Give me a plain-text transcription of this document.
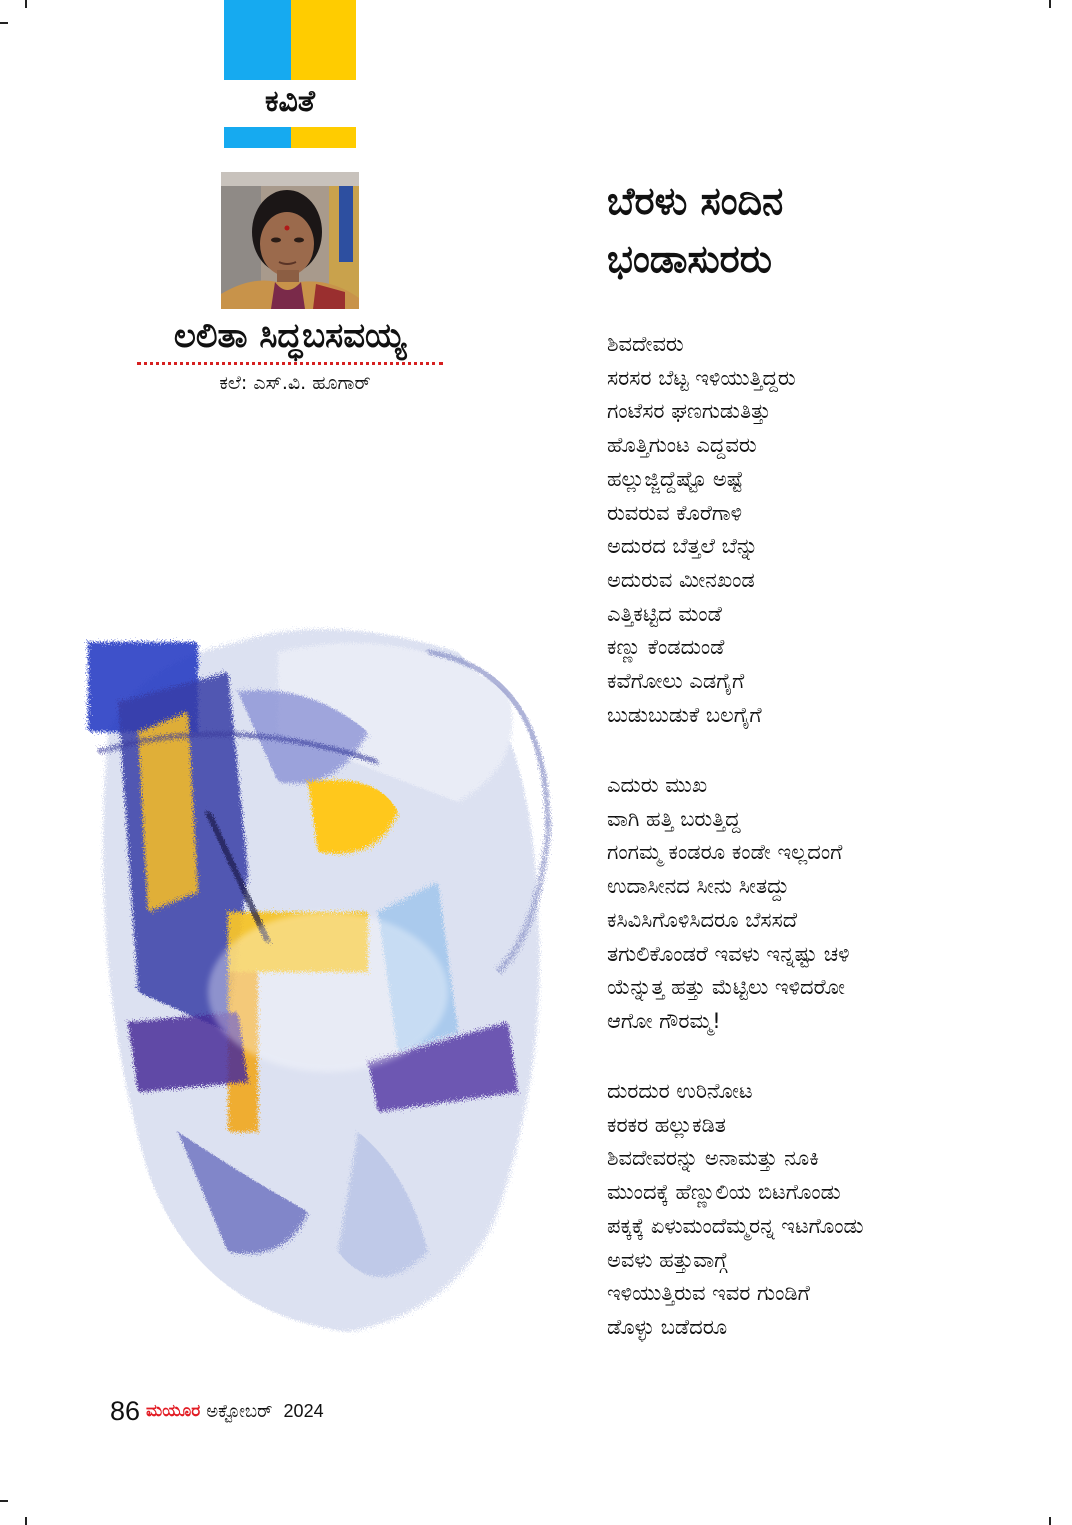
ಕವಿತೆ
ಲಲಿತಾ ಸಿದ್ಧಬಸವಯ್ಯ
ಕಲೆ: ಎಸ್‌.ವಿ. ಹೂಗಾರ್
ಬೆರಳು ಸಂದಿನ
ಭಂಡಾಸುರರು
ಶಿವದೇವರು
ಸರಸರ ಬೆಟ್ಟ ಇಳಿಯುತ್ತಿದ್ದರು
ಗಂಟೆಸರ ಘಣಗುಡುತಿತ್ತು
ಹೊತ್ತಿಗುಂಟ ಎದ್ದವರು
ಹಲ್ಲುಜ್ಜಿದ್ದೆಷ್ಟೊ ಅಷ್ಟೆ
ರುವರುವ ಕೊರೆಗಾಳಿ
ಅದುರದ ಬೆತ್ತಲೆ ಬೆನ್ನು
ಅದುರುವ ಮೀನಖಂಡ
ಎತ್ತಿಕಟ್ಟಿದ ಮಂಡೆ
ಕಣ್ಣು ಕೆಂಡದುಂಡೆ
ಕವೆಗೋಲು ಎಡಗೈಗೆ
ಬುಡುಬುಡುಕೆ ಬಲಗೈಗೆ
ಎದುರು ಮುಖ
ವಾಗಿ ಹತ್ತಿ ಬರುತ್ತಿದ್ದ
ಗಂಗಮ್ಮ ಕಂಡರೂ ಕಂಡೇ ಇಲ್ಲದಂಗೆ
ಉದಾಸೀನದ ಸೀನು ಸೀತದ್ದು
ಕಸಿವಿಸಿಗೊಳಿಸಿದರೂ ಬೆಸಸದೆ
ತಗುಲಿಕೊಂಡರೆ ಇವಳು ಇನ್ನಷ್ಟು ಚಳಿ
ಯೆನ್ನುತ್ತ ಹತ್ತು ಮೆಟ್ಟಿಲು ಇಳಿದರೋ
ಆಗೋ ಗೌರಮ್ಮ!
ದುರದುರ ಉರಿನೋಟ
ಕರಕರ ಹಲ್ಲುಕಡಿತ
ಶಿವದೇವರನ್ನು ಅನಾಮತ್ತು ನೂಕಿ
ಮುಂದಕ್ಕೆ ಹೆಣ್ಣುಲಿಯ ಬಿಟಗೊಂಡು
ಪಕ್ಕಕ್ಕೆ ಏಳುಮಂದೆಮ್ಮರನ್ನ ಇಟಗೊಂಡು
ಅವಳು ಹತ್ತುವಾಗ್ಗೆ
ಇಳಿಯುತ್ತಿರುವ ಇವರ ಗುಂಡಿಗೆ
ಡೊಳ್ಳು ಬಡೆದರೂ
86 ಮಯೂರ ಅಕ್ಟೋಬರ್ 2024
